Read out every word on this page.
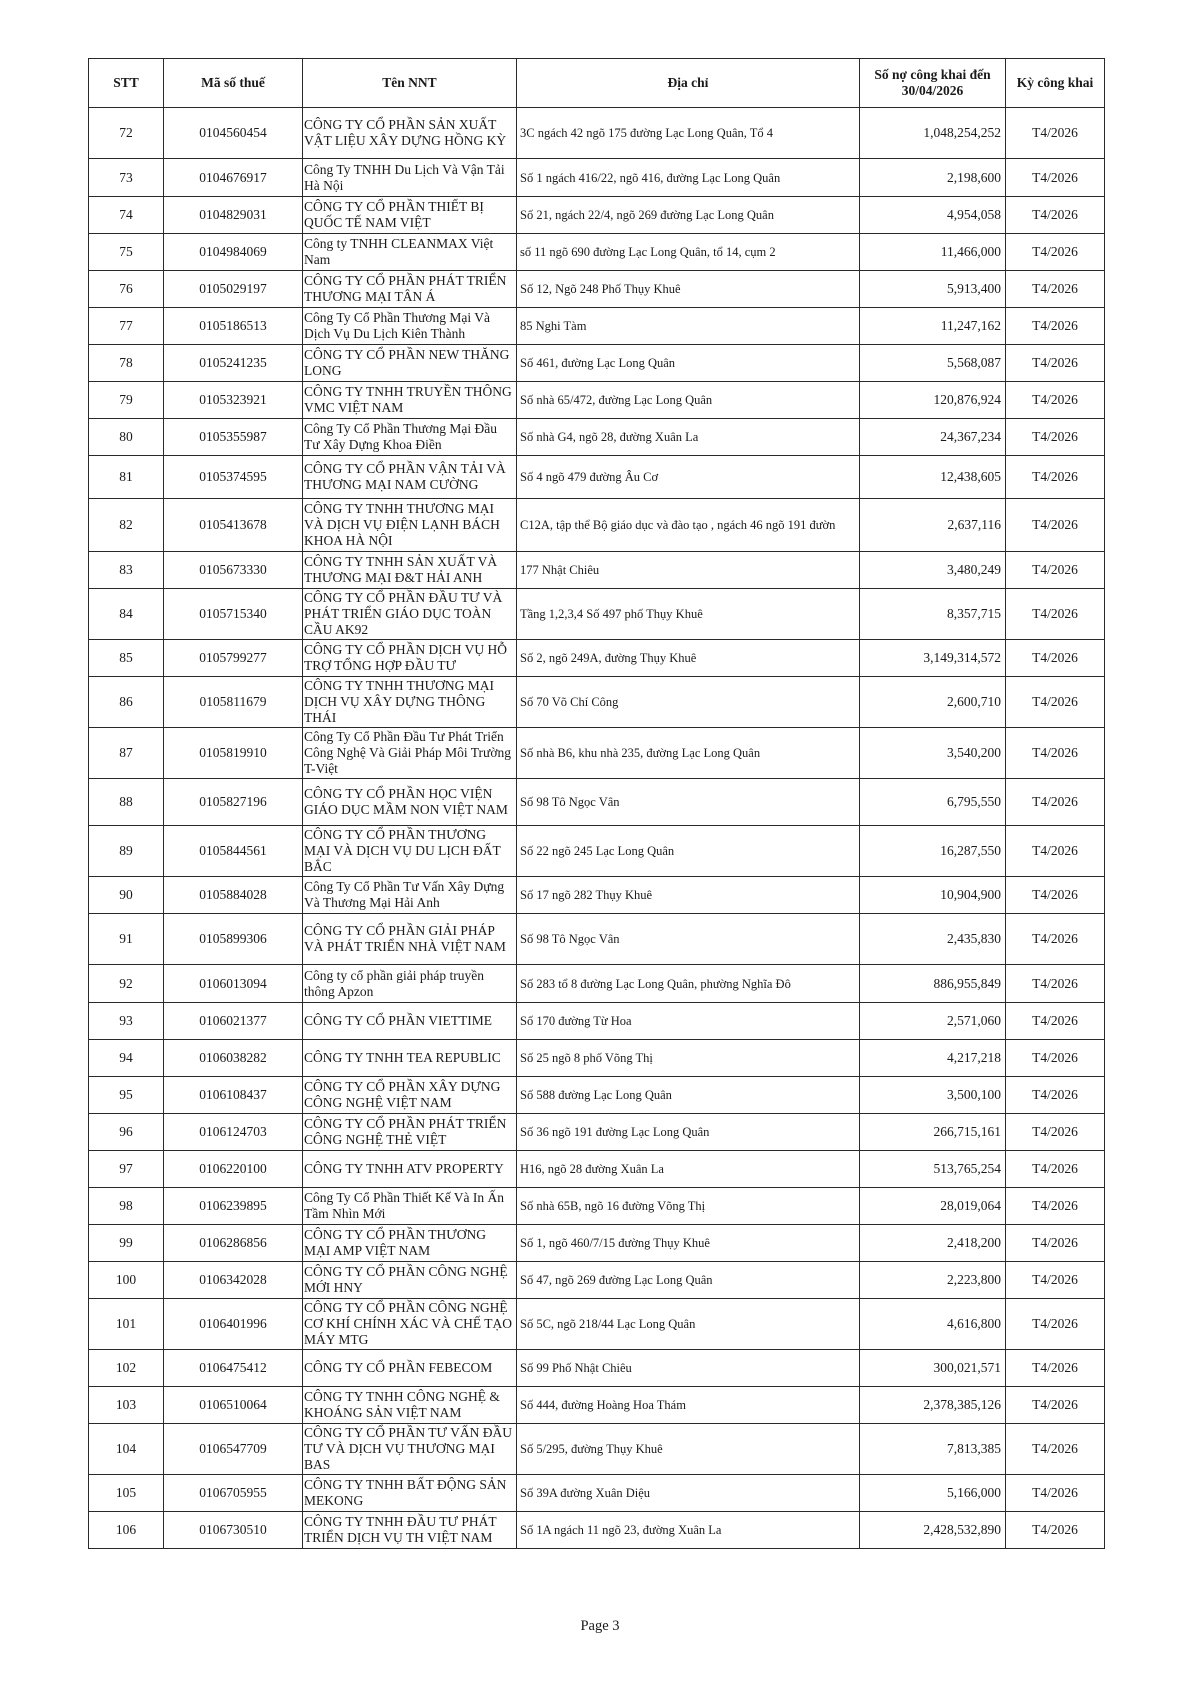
STT	Mã số thuế	Tên NNT	Địa chỉ	Số nợ công khai đến 30/04/2026	Kỳ công khai
72	0104560454	CÔNG TY CỔ PHẦN SẢN XUẤT VẬT LIỆU XÂY DỰNG HỒNG KỲ	3C ngách 42 ngõ 175 đường Lạc Long Quân, Tổ 4	1,048,254,252	T4/2026
73	0104676917	Công Ty TNHH Du Lịch Và Vận Tải Hà Nội	Số 1 ngách 416/22, ngõ 416, đường Lạc Long Quân	2,198,600	T4/2026
74	0104829031	CÔNG TY CỔ PHẦN THIẾT BỊ QUỐC TẾ NAM VIỆT	Số 21, ngách 22/4, ngõ 269 đường Lạc Long Quân	4,954,058	T4/2026
75	0104984069	Công ty TNHH CLEANMAX Việt Nam	số 11 ngõ 690 đường Lạc Long Quân, tổ 14, cụm 2	11,466,000	T4/2026
76	0105029197	CÔNG TY CỔ PHẦN PHÁT TRIỂN THƯƠNG MẠI TÂN Á	Số 12, Ngõ 248 Phố Thụy Khuê	5,913,400	T4/2026
77	0105186513	Công Ty Cổ Phần Thương Mại Và Dịch Vụ Du Lịch Kiên Thành	85 Nghi Tàm	11,247,162	T4/2026
78	0105241235	CÔNG TY CỔ PHẦN NEW THĂNG LONG	Số 461, đường Lạc Long Quân	5,568,087	T4/2026
79	0105323921	CÔNG TY TNHH TRUYỀN THÔNG VMC VIỆT NAM	Số nhà 65/472, đường Lạc Long Quân	120,876,924	T4/2026
80	0105355987	Công Ty Cổ Phần Thương Mại Đầu Tư Xây Dựng Khoa Điền	Số nhà G4, ngõ 28, đường Xuân La	24,367,234	T4/2026
81	0105374595	CÔNG TY CỔ PHẦN VẬN TẢI VÀ THƯƠNG MẠI NAM CƯỜNG	Số 4 ngõ 479 đường Âu Cơ	12,438,605	T4/2026
82	0105413678	CÔNG TY TNHH THƯƠNG MẠI VÀ DỊCH VỤ ĐIỆN LẠNH BÁCH KHOA HÀ NỘI	C12A, tập thể Bộ giáo dục và đào tạo , ngách 46 ngõ 191 đườn	2,637,116	T4/2026
83	0105673330	CÔNG TY TNHH SẢN XUẤT VÀ THƯƠNG MẠI Đ&T HẢI ANH	177 Nhật Chiêu	3,480,249	T4/2026
84	0105715340	CÔNG TY CỔ PHẦN ĐẦU TƯ VÀ PHÁT TRIỂN GIÁO DỤC TOÀN CẦU AK92	Tầng 1,2,3,4 Số 497 phố Thụy Khuê	8,357,715	T4/2026
85	0105799277	CÔNG TY CỔ PHẦN DỊCH VỤ HỖ TRỢ TỔNG HỢP ĐẦU TƯ	Số 2, ngõ 249A, đường Thụy Khuê	3,149,314,572	T4/2026
86	0105811679	CÔNG TY TNHH THƯƠNG MẠI DỊCH VỤ XÂY DỰNG THÔNG THÁI	Số 70 Võ Chí Công	2,600,710	T4/2026
87	0105819910	Công Ty Cổ Phần Đầu Tư Phát Triển Công Nghệ Và Giải Pháp Môi Trường T-Việt	Số nhà B6, khu nhà 235, đường Lạc Long Quân	3,540,200	T4/2026
88	0105827196	CÔNG TY CỔ PHẦN HỌC VIỆN GIÁO DỤC MẦM NON VIỆT NAM	Số 98 Tô Ngọc Vân	6,795,550	T4/2026
89	0105844561	CÔNG TY CỔ PHẦN THƯƠNG MẠI VÀ DỊCH VỤ DU LỊCH ĐẤT BẮC	Số 22 ngõ 245 Lạc Long Quân	16,287,550	T4/2026
90	0105884028	Công Ty Cổ Phần Tư Vấn Xây Dựng Và Thương Mại Hải Anh	Số 17 ngõ 282 Thụy Khuê	10,904,900	T4/2026
91	0105899306	CÔNG TY CỔ PHẦN GIẢI PHÁP VÀ PHÁT TRIỂN NHÀ VIỆT NAM	Số 98 Tô Ngọc Vân	2,435,830	T4/2026
92	0106013094	Công ty cổ phần giải pháp truyền thông Apzon	Số 283 tổ 8 đường Lạc Long Quân, phường Nghĩa Đô	886,955,849	T4/2026
93	0106021377	CÔNG TY CỔ PHẦN VIETTIME	Số 170 đường Từ Hoa	2,571,060	T4/2026
94	0106038282	CÔNG TY TNHH TEA REPUBLIC	Số 25 ngõ 8 phố Võng Thị	4,217,218	T4/2026
95	0106108437	CÔNG TY CỔ PHẦN XÂY DỰNG CÔNG NGHỆ VIỆT NAM	Số 588 đường Lạc Long Quân	3,500,100	T4/2026
96	0106124703	CÔNG TY CỔ PHẦN PHÁT TRIỂN CÔNG NGHỆ THẺ VIỆT	Số 36 ngõ 191 đường Lạc Long Quân	266,715,161	T4/2026
97	0106220100	CÔNG TY TNHH ATV PROPERTY	H16, ngõ 28 đường Xuân La	513,765,254	T4/2026
98	0106239895	Công Ty Cổ Phần Thiết Kế Và In Ấn Tầm Nhìn Mới	Số nhà 65B, ngõ 16 đường Võng Thị	28,019,064	T4/2026
99	0106286856	CÔNG TY CỔ PHẦN THƯƠNG MẠI AMP VIỆT NAM	Số 1, ngõ 460/7/15 đường Thụy Khuê	2,418,200	T4/2026
100	0106342028	CÔNG TY CỔ PHẦN CÔNG NGHỆ MỚI HNY	Số 47, ngõ 269 đường Lạc Long Quân	2,223,800	T4/2026
101	0106401996	CÔNG TY CỔ PHẦN CÔNG NGHỆ CƠ KHÍ CHÍNH XÁC VÀ CHẾ TẠO MÁY MTG	Số 5C, ngõ 218/44 Lạc Long Quân	4,616,800	T4/2026
102	0106475412	CÔNG TY CỔ PHẦN FEBECOM	Số 99 Phố Nhật Chiêu	300,021,571	T4/2026
103	0106510064	CÔNG TY TNHH CÔNG NGHỆ & KHOÁNG SẢN VIỆT NAM	Số 444, đường Hoàng Hoa Thám	2,378,385,126	T4/2026
104	0106547709	CÔNG TY CỔ PHẦN TƯ VẤN ĐẦU TƯ VÀ DỊCH VỤ THƯƠNG MẠI BAS	Số 5/295, đường Thụy Khuê	7,813,385	T4/2026
105	0106705955	CÔNG TY TNHH BẤT ĐỘNG SẢN MEKONG	Số 39A đường Xuân Diệu	5,166,000	T4/2026
106	0106730510	CÔNG TY TNHH ĐẦU TƯ PHÁT TRIỂN DỊCH VỤ TH VIỆT NAM	Số 1A ngách 11 ngõ 23, đường Xuân La	2,428,532,890	T4/2026
Page 3
